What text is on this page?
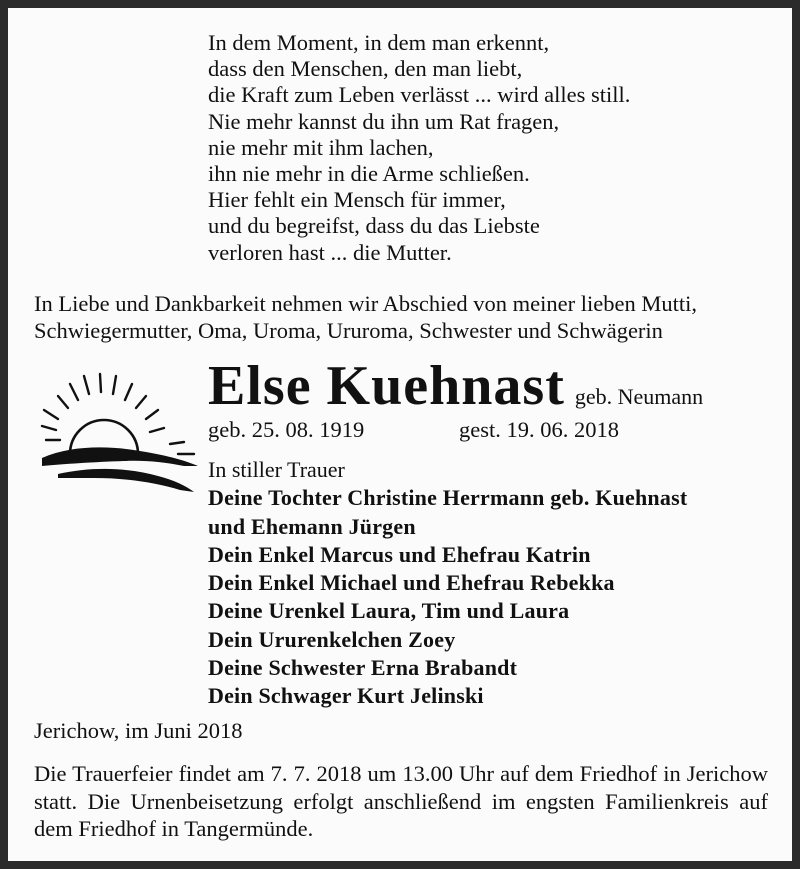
In dem Moment, in dem man erkennt,
dass den Menschen, den man liebt,
die Kraft zum Leben verlässt ... wird alles still.
Nie mehr kannst du ihn um Rat fragen,
nie mehr mit ihm lachen,
ihn nie mehr in die Arme schließen.
Hier fehlt ein Mensch für immer,
und du begreifst, dass du das Liebste
verloren hast ... die Mutter.
In Liebe und Dankbarkeit nehmen wir Abschied von meiner lieben Mutti,
Schwiegermutter, Oma, Uroma, Ururoma, Schwester und Schwägerin
Else Kuehnast geb. Neumann
geb. 25. 08. 1919	gest. 19. 06. 2018
In stiller Trauer
Deine Tochter Christine Herrmann geb. Kuehnast
und Ehemann Jürgen
Dein Enkel Marcus und Ehefrau Katrin
Dein Enkel Michael und Ehefrau Rebekka
Deine Urenkel Laura, Tim und Laura
Dein Ururenkelchen Zoey
Deine Schwester Erna Brabandt
Dein Schwager Kurt Jelinski
Jerichow, im Juni 2018
Die Trauerfeier findet am 7. 7. 2018 um 13.00 Uhr auf dem Friedhof in Jerichow statt. Die Urnenbeisetzung erfolgt anschließend im engsten Familienkreis auf dem Friedhof in Tangermünde.
